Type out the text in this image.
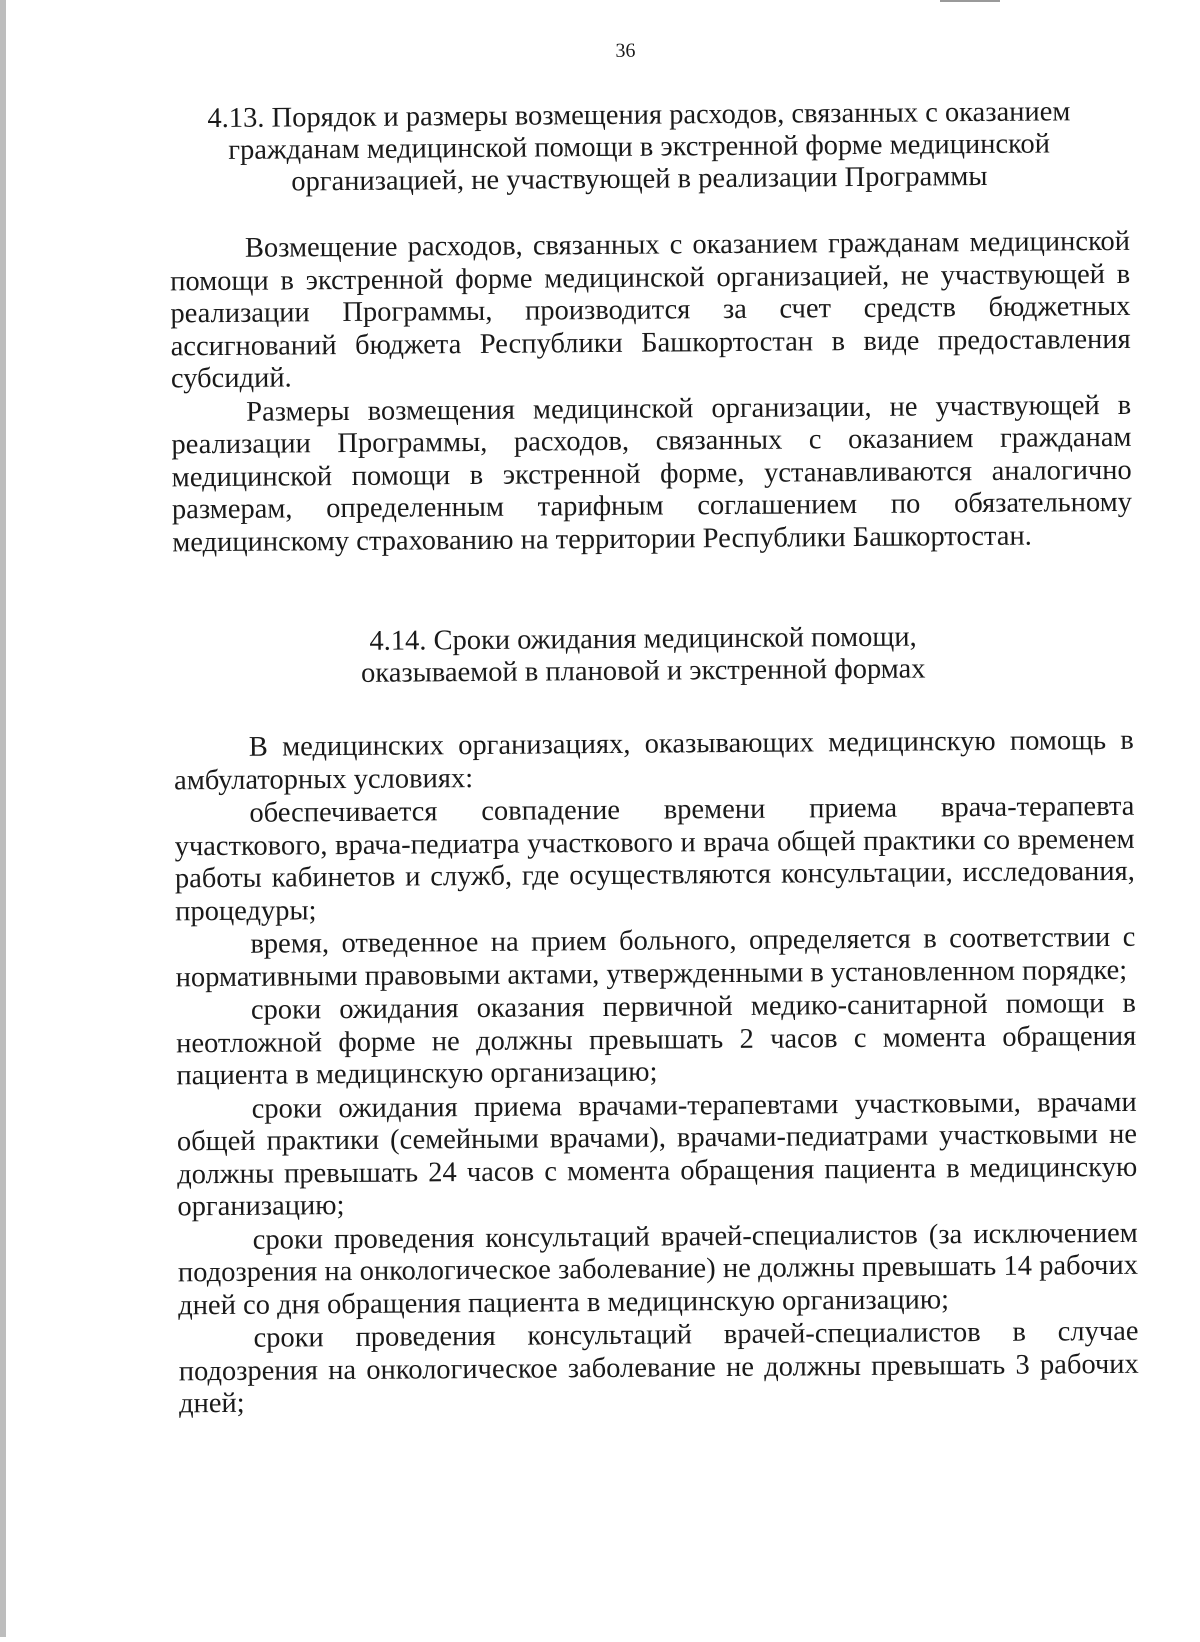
36
4.13. Порядок и размеры возмещения расходов, связанных с оказанием
гражданам медицинской помощи в экстренной форме медицинской
организацией, не участвующей в реализации Программы

Возмещение расходов, связанных с оказанием гражданам медицинской помощи в экстренной форме медицинской организацией, не участвующей в реализации Программы, производится за счет средств бюджетных ассигнований бюджета Республики Башкортостан в виде предоставления субсидий.

Размеры возмещения медицинской организации, не участвующей в реализации Программы, расходов, связанных с оказанием гражданам медицинской помощи в экстренной форме, устанавливаются аналогично размерам, определенным тарифным соглашением по обязательному медицинскому страхованию на территории Республики Башкортостан.

4.14. Сроки ожидания медицинской помощи,
оказываемой в плановой и экстренной формах

В медицинских организациях, оказывающих медицинскую помощь в амбулаторных условиях:

обеспечивается совпадение времени приема врача-терапевта участкового, врача-педиатра участкового и врача общей практики со временем работы кабинетов и служб, где осуществляются консультации, исследования, процедуры;

время, отведенное на прием больного, определяется в соответствии с нормативными правовыми актами, утвержденными в установленном порядке;

сроки ожидания оказания первичной медико-санитарной помощи в неотложной форме не должны превышать 2 часов с момента обращения пациента в медицинскую организацию;

сроки ожидания приема врачами-терапевтами участковыми, врачами общей практики (семейными врачами), врачами-педиатрами участковыми не должны превышать 24 часов с момента обращения пациента в медицинскую организацию;

сроки проведения консультаций врачей-специалистов (за исключением подозрения на онкологическое заболевание) не должны превышать 14 рабочих дней со дня обращения пациента в медицинскую организацию;

сроки проведения консультаций врачей-специалистов в случае подозрения на онкологическое заболевание не должны превышать 3 рабочих дней;
